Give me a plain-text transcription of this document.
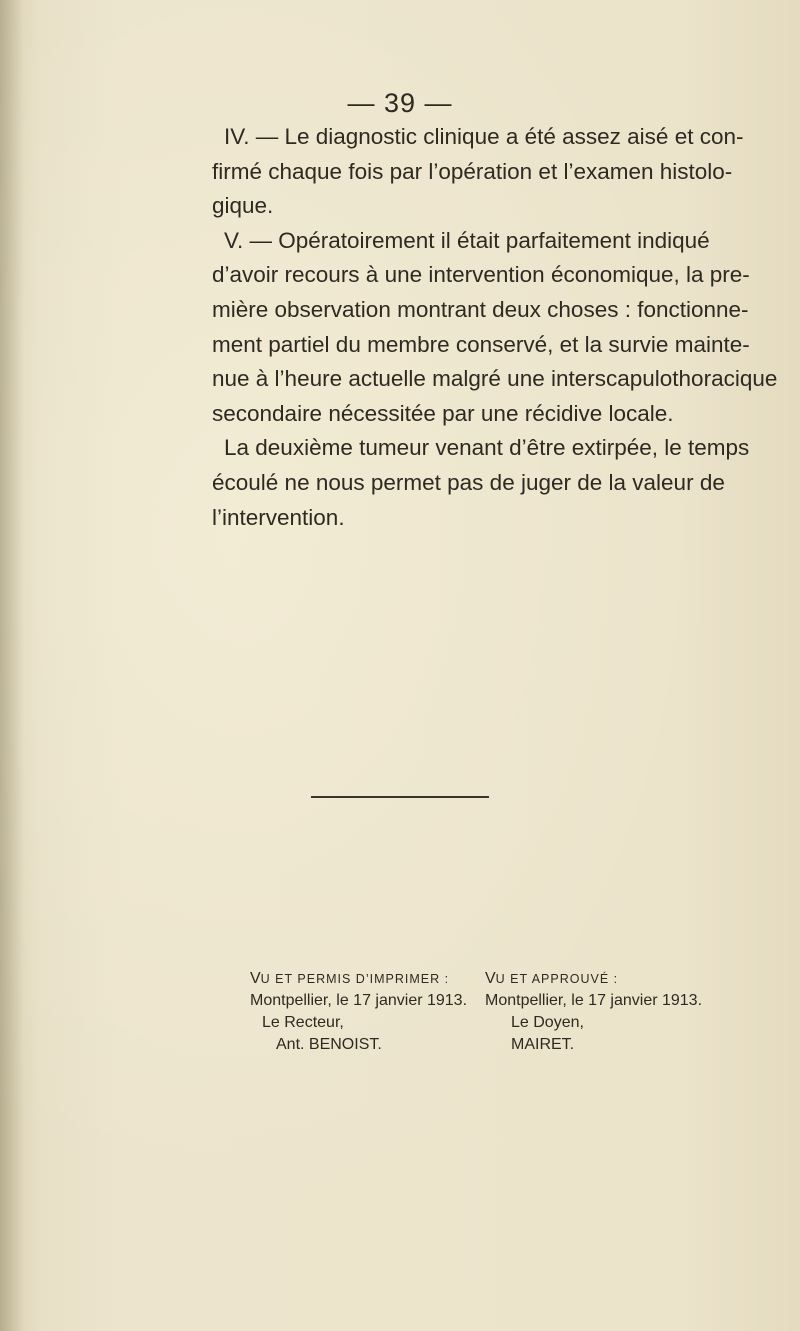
— 39 —
IV. — Le diagnostic clinique a été assez aisé et con-
firmé chaque fois par l’opération et l’examen histolo-
gique.
V. — Opératoirement il était parfaitement indiqué
d’avoir recours à une intervention économique, la pre-
mière observation montrant deux choses : fonctionne-
ment partiel du membre conservé, et la survie mainte-
nue à l’heure actuelle malgré une interscapulothoracique
secondaire nécessitée par une récidive locale.
La deuxième tumeur venant d’être extirpée, le temps
écoulé ne nous permet pas de juger de la valeur de
l’intervention.
VU ET PERMIS D’IMPRIMER :
Montpellier, le 17 janvier 1913.
Le Recteur,
Ant. BENOIST.
VU ET APPROUVÉ :
Montpellier, le 17 janvier 1913.
Le Doyen,
MAIRET.
